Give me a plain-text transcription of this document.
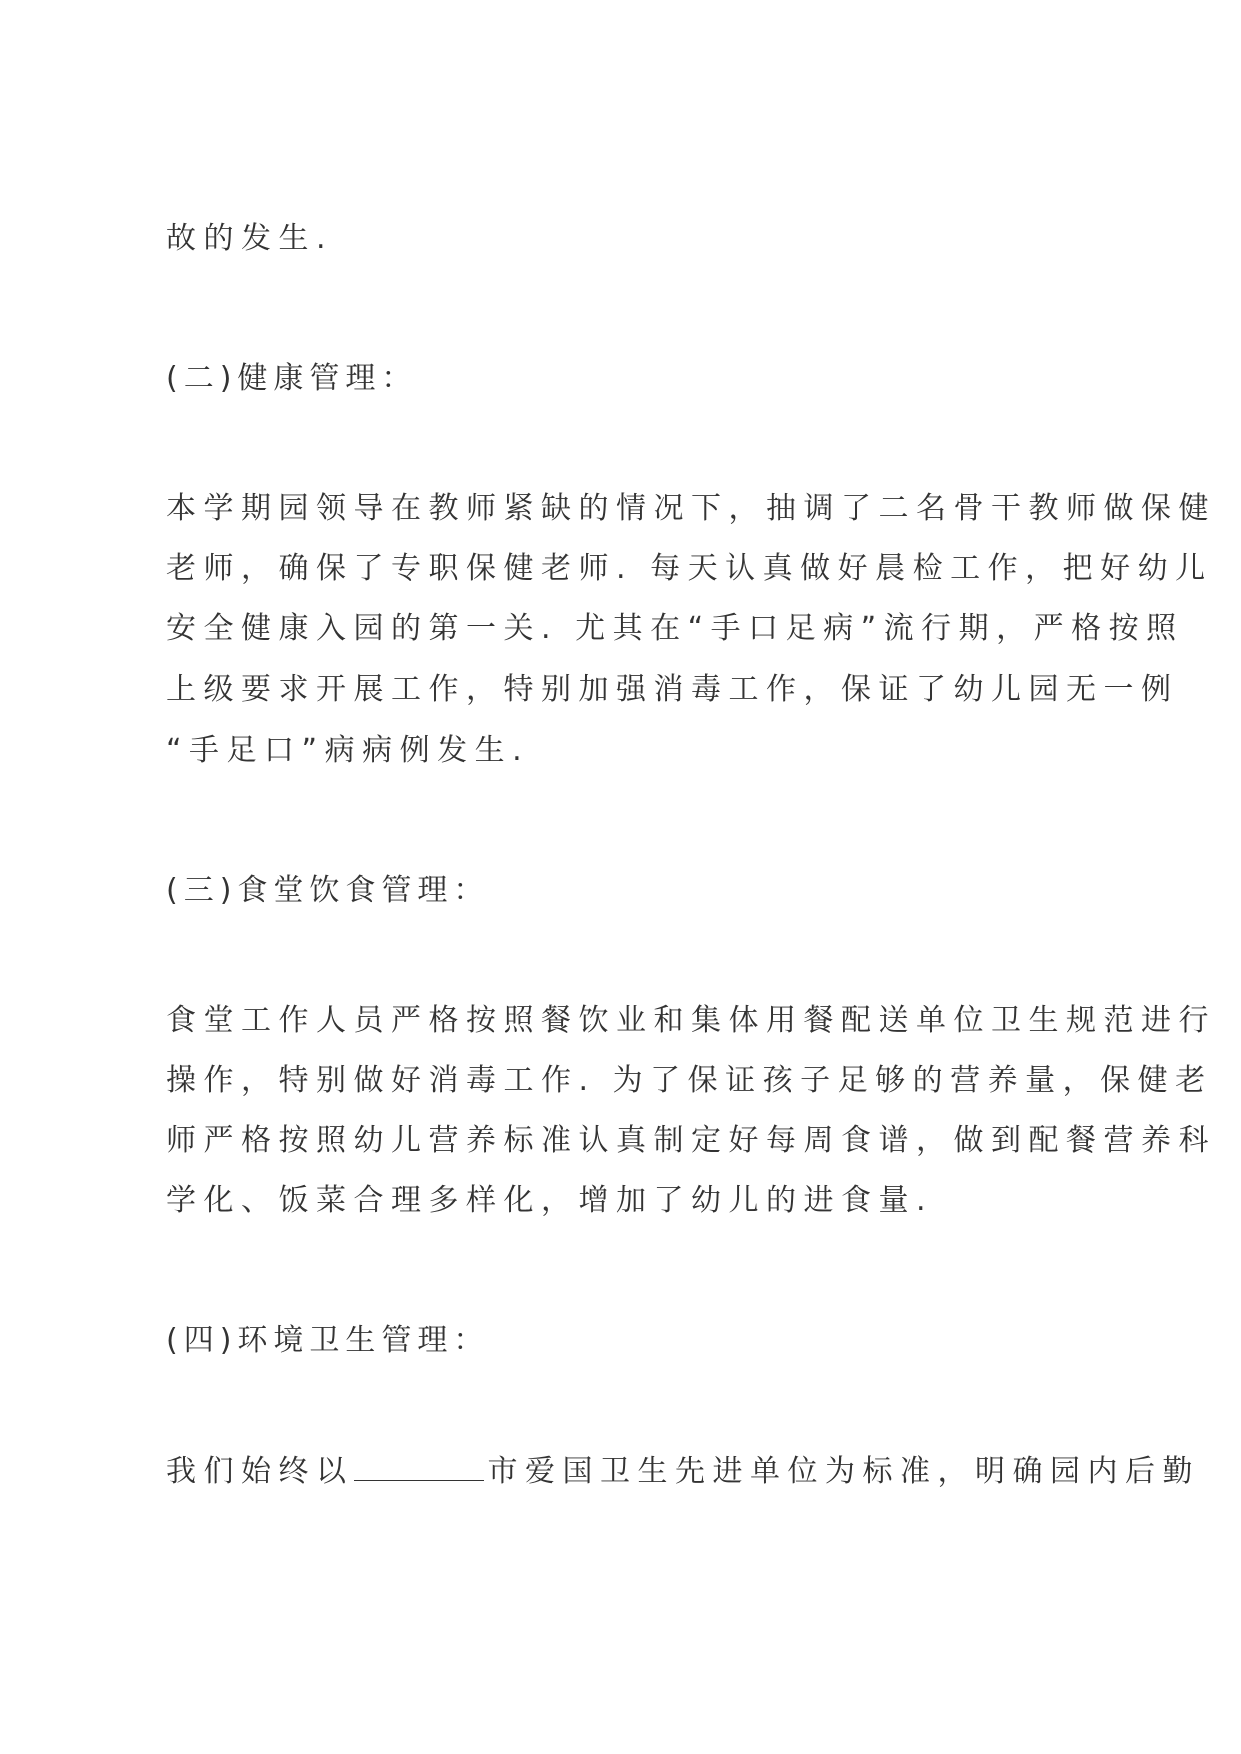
故的发生.

(二)健康管理：

本学期园领导在教师紧缺的情况下，抽调了二名骨干教师做保健

老师，确保了专职保健老师. 每天认真做好晨检工作，把好幼儿

安全健康入园的第一关. 尤其在“手口足病”流行期，严格按照

上级要求开展工作，特别加强消毒工作，保证了幼儿园无一例

“手足口”病病例发生.

(三)食堂饮食管理：

食堂工作人员严格按照餐饮业和集体用餐配送单位卫生规范进行

操作，特别做好消毒工作. 为了保证孩子足够的营养量，保健老

师严格按照幼儿营养标准认真制定好每周食谱，做到配餐营养科

学化、饭菜合理多样化，增加了幼儿的进食量.

(四)环境卫生管理：

我们始终以	市爱国卫生先进单位为标准，明确园内后勤
